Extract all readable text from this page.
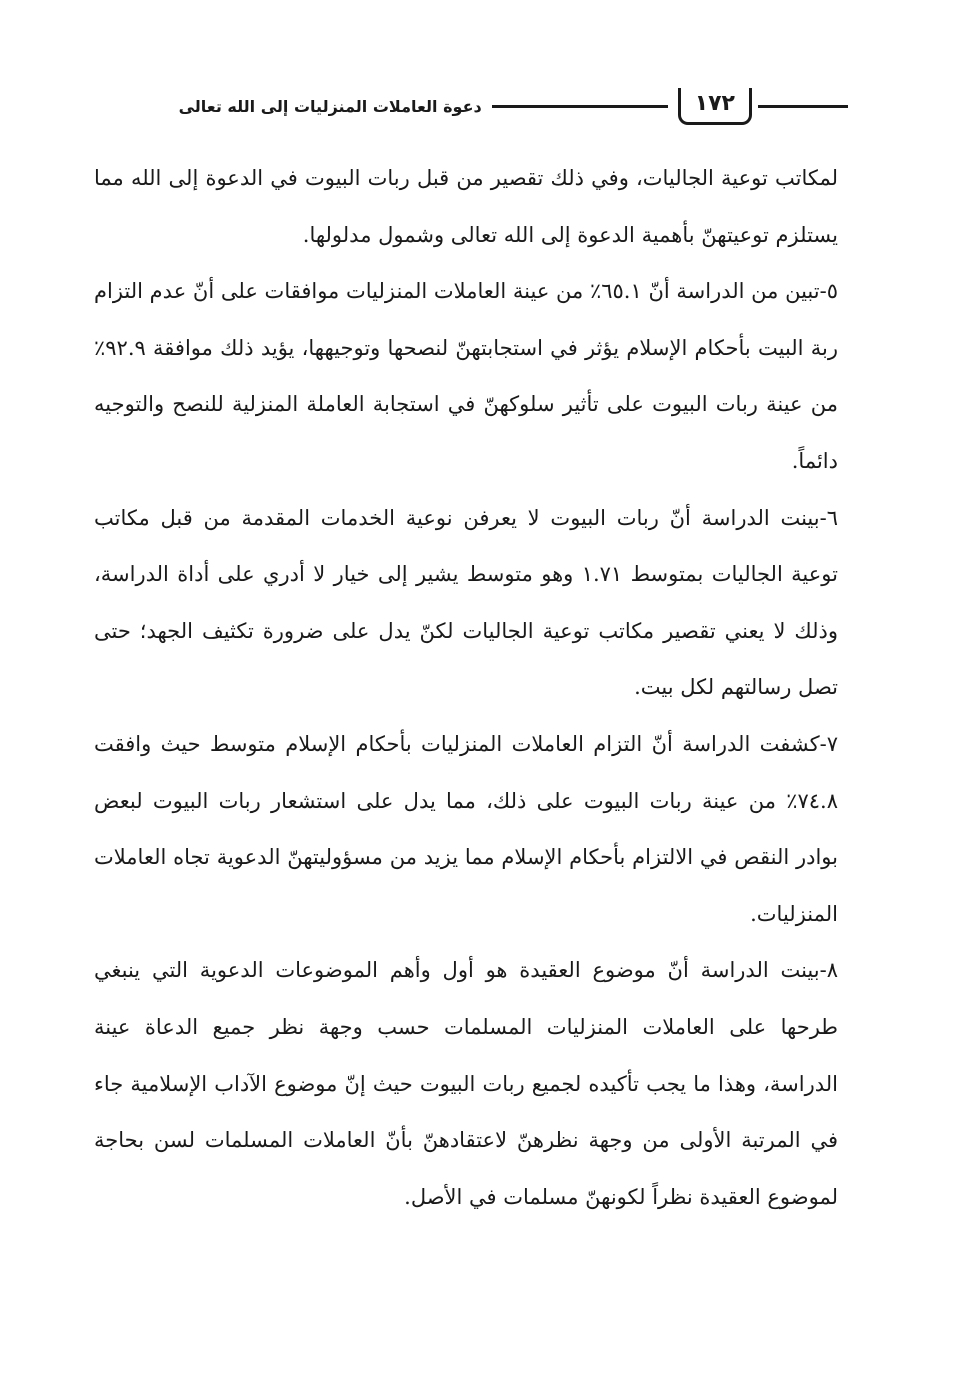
١٧٢
دعوة العاملات المنزليات إلى الله تعالى

لمكاتب توعية الجاليات، وفي ذلك تقصير من قبل ربات البيوت في الدعوة إلى الله مما يستلزم توعيتهنّ بأهمية الدعوة إلى الله تعالى وشمول مدلولها.

٥-تبين من الدراسة أنّ ٦٥.١٪ من عينة العاملات المنزليات موافقات على أنّ عدم التزام ربة البيت بأحكام الإسلام يؤثر في استجابتهنّ لنصحها وتوجيهها، يؤيد ذلك موافقة ٩٢.٩٪ من عينة ربات البيوت على تأثير سلوكهنّ في استجابة العاملة المنزلية للنصح والتوجيه دائماً.

٦-بينت الدراسة أنّ ربات البيوت لا يعرفن نوعية الخدمات المقدمة من قبل مكاتب توعية الجاليات بمتوسط ١.٧١ وهو متوسط يشير إلى خيار لا أدري على أداة الدراسة، وذلك لا يعني تقصير مكاتب توعية الجاليات لكنّ يدل على ضرورة تكثيف الجهد؛ حتى تصل رسالتهم لكل بيت.

٧-كشفت الدراسة أنّ التزام العاملات المنزليات بأحكام الإسلام متوسط حيث وافقت ٧٤.٨٪ من عينة ربات البيوت على ذلك، مما يدل على استشعار ربات البيوت لبعض بوادر النقص في الالتزام بأحكام الإسلام مما يزيد من مسؤوليتهنّ الدعوية تجاه العاملات المنزليات.

٨-بينت الدراسة أنّ موضوع العقيدة هو أول وأهم الموضوعات الدعوية التي ينبغي طرحها على العاملات المنزليات المسلمات حسب وجهة نظر جميع الدعاة عينة الدراسة، وهذا ما يجب تأكيده لجميع ربات البيوت حيث إنّ موضوع الآداب الإسلامية جاء في المرتبة الأولى من وجهة نظرهنّ لاعتقادهنّ بأنّ العاملات المسلمات لسن بحاجة لموضوع العقيدة نظراً لكونهنّ مسلمات في الأصل.
